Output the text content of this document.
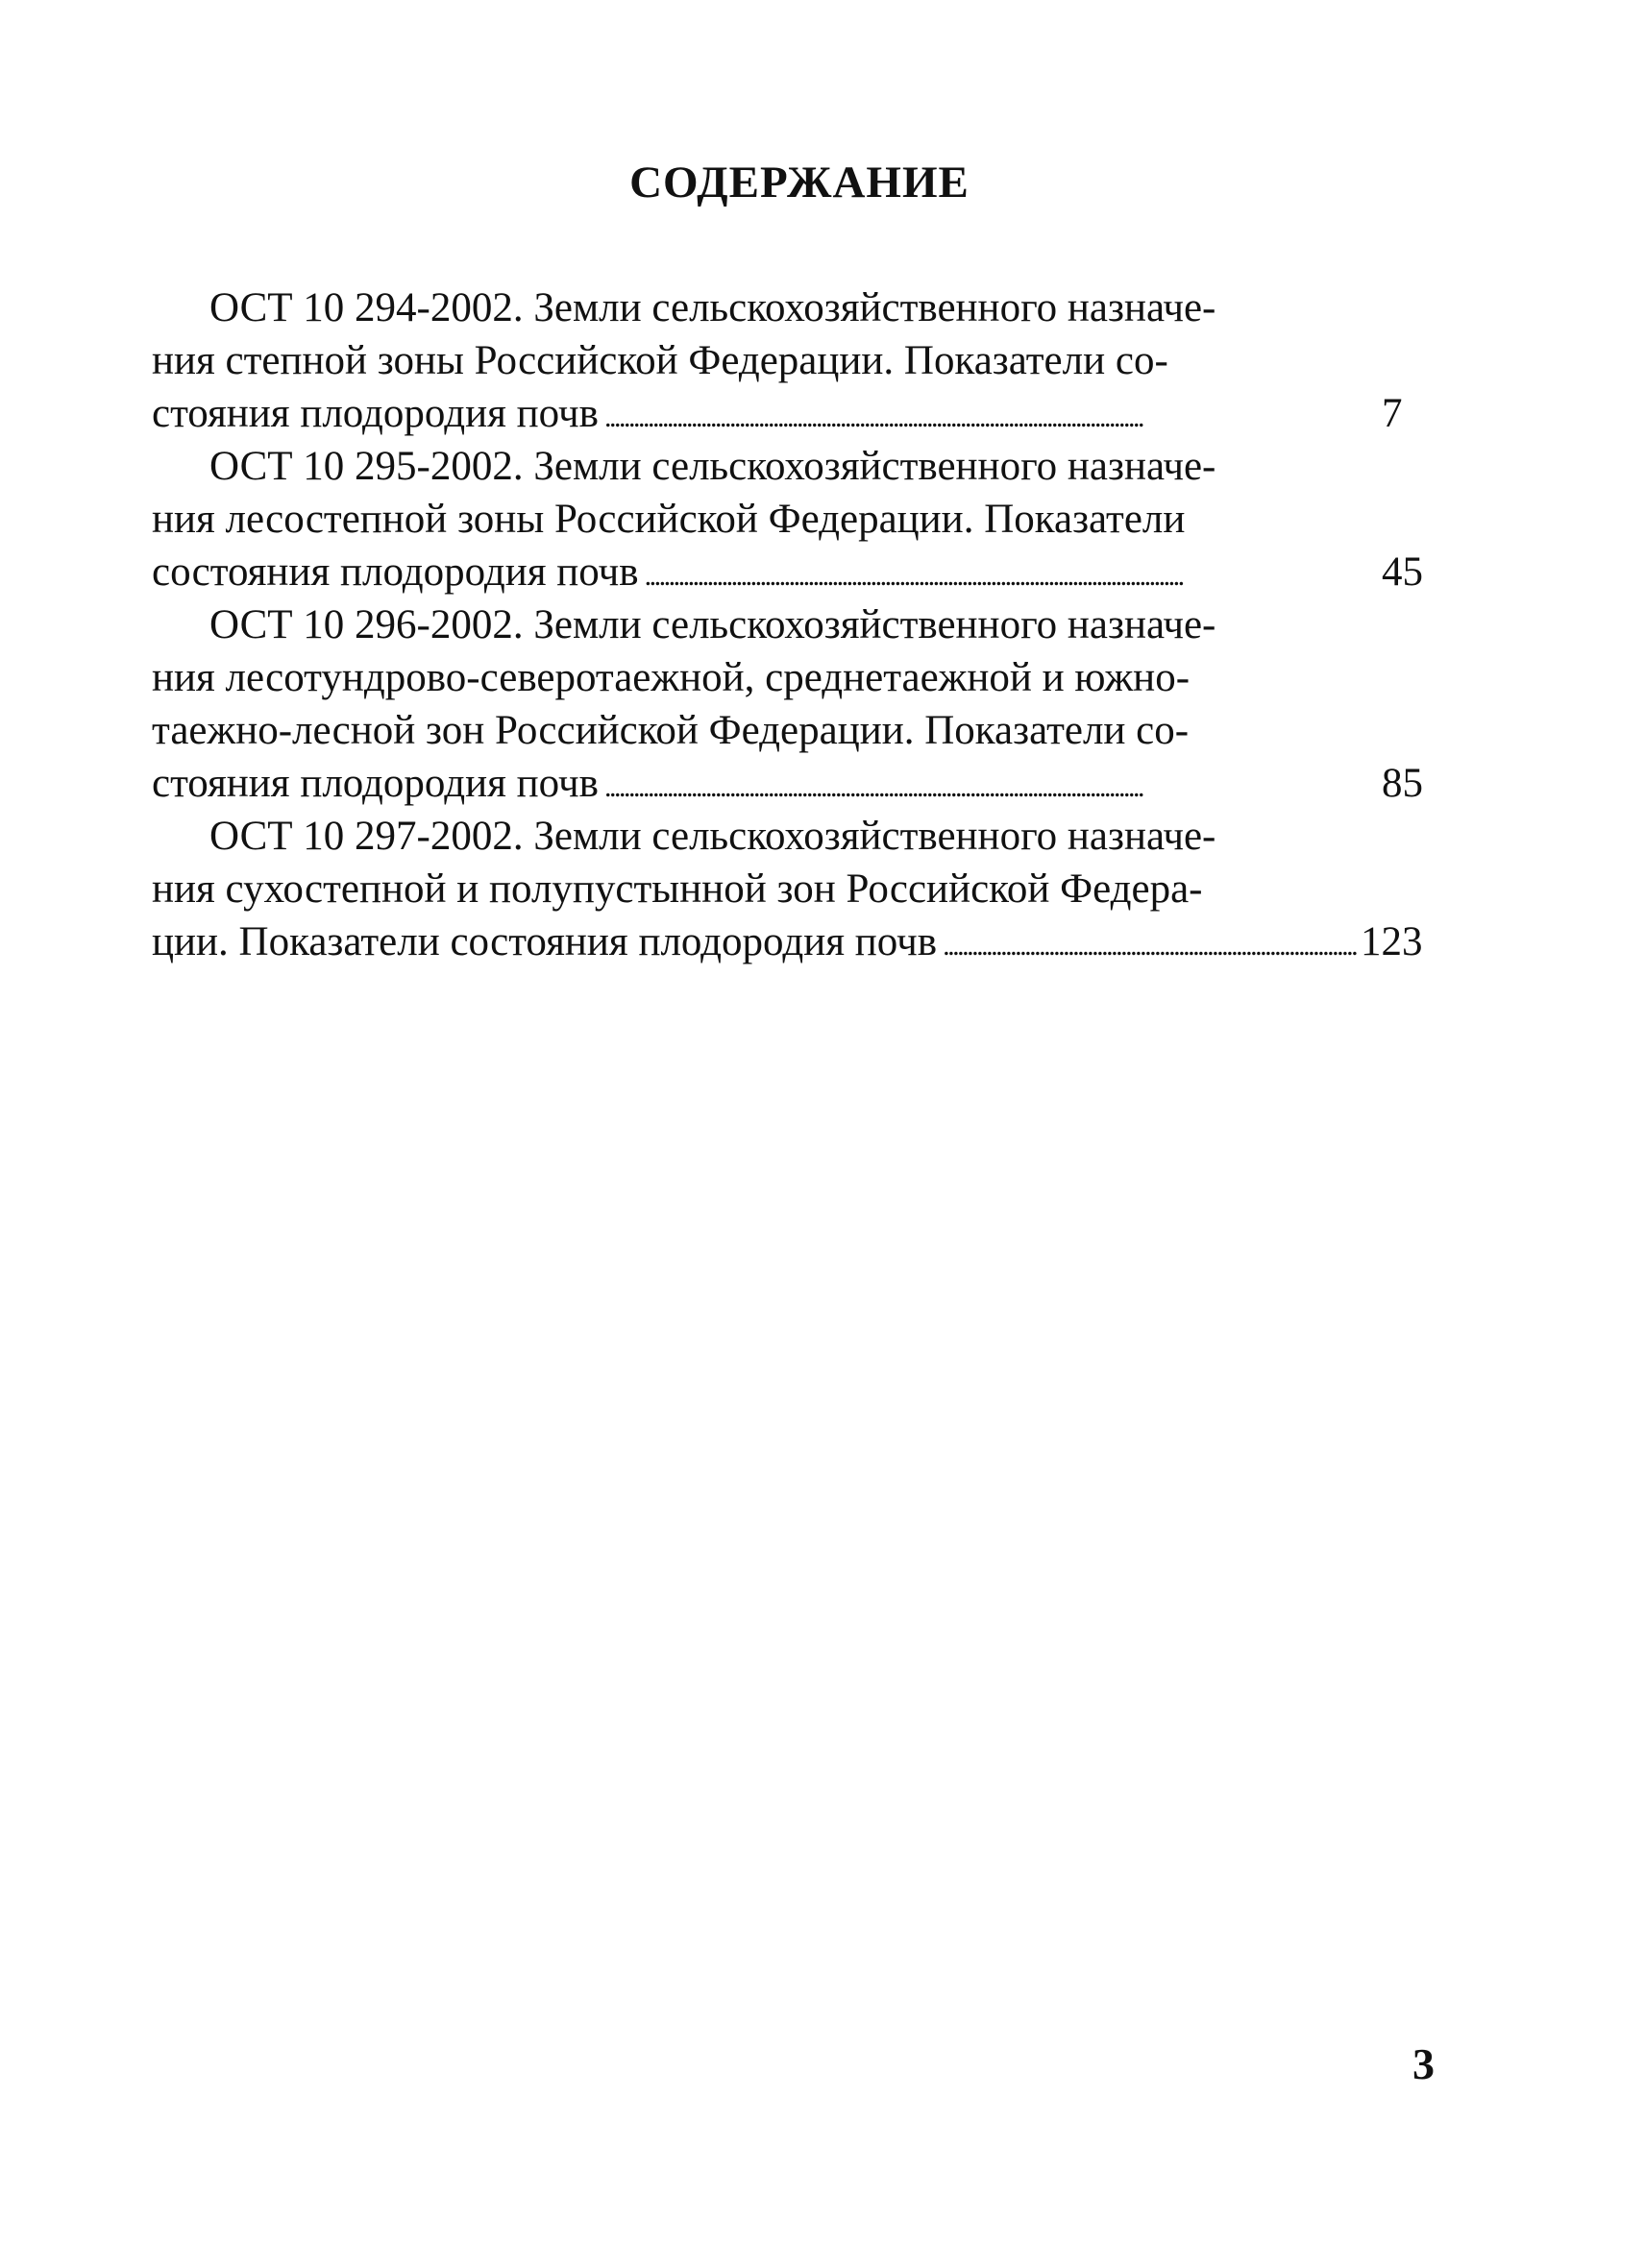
СОДЕРЖАНИЕ
ОСТ 10 294-2002. Земли сельскохозяйственного назначе-
ния степной зоны Российской Федерации. Показатели со-
стояния плодородия почв . . .	7
ОСТ 10 295-2002. Земли сельскохозяйственного назначе-
ния лесостепной зоны Российской Федерации. Показатели
состояния плодородия почв . . .	45
ОСТ 10 296-2002. Земли сельскохозяйственного назначе-
ния лесотундрово-северотаежной, среднетаежной и южно-
таежно-лесной зон Российской Федерации. Показатели со-
стояния плодородия почв . . .	85
ОСТ 10 297-2002. Земли сельскохозяйственного назначе-
ния сухостепной и полупустынной зон Российской Федера-
ции. Показатели состояния плодородия почв . . .	123
3
